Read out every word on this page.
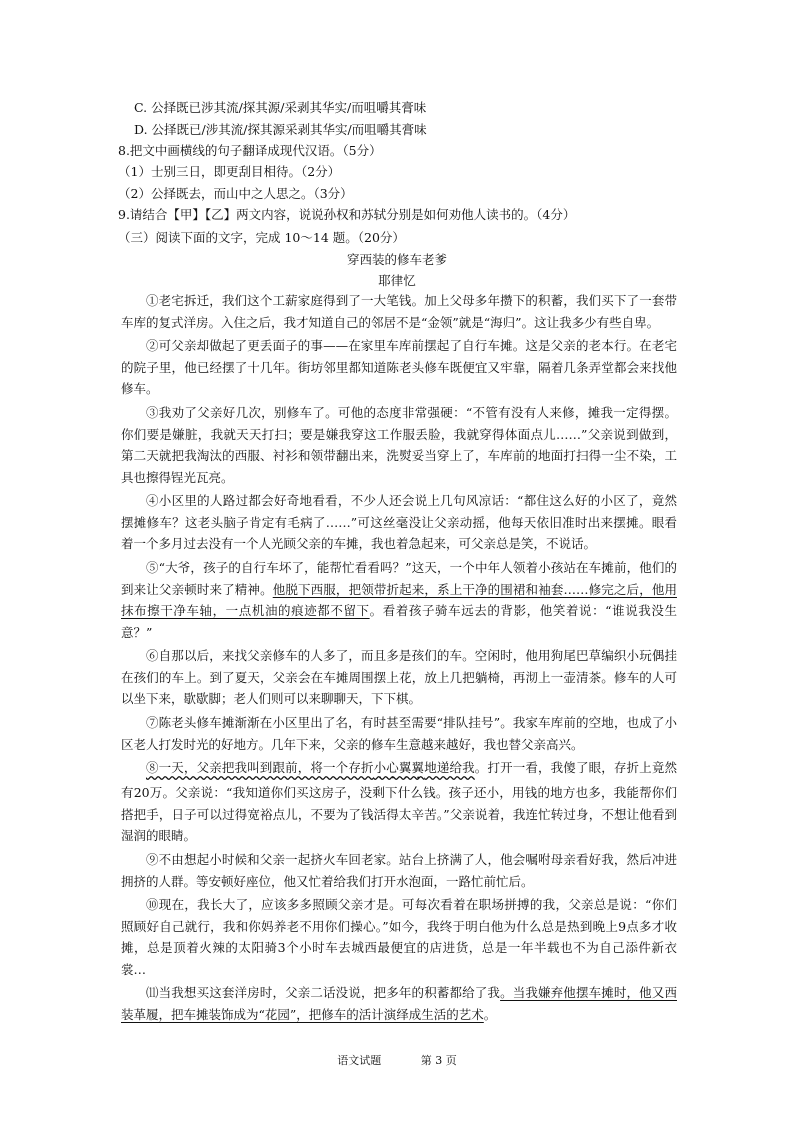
C. 公择既已涉其流/探其源/采剥其华实/而咀嚼其膏味
D. 公择既已/涉其流/探其源采剥其华实/而咀嚼其膏味
8.把文中画横线的句子翻译成现代汉语。（5分）
（1）士别三日，即更刮目相待。（2分）
（2）公择既去，而山中之人思之。（3分）
9.请结合【甲】【乙】两文内容，说说孙权和苏轼分别是如何劝他人读书的。（4分）
（三）阅读下面的文字，完成 10～14 题。（20分）
穿西装的修车老爹
耶律忆
①老宅拆迁，我们这个工薪家庭得到了一大笔钱。加上父母多年攒下的积蓄，我们买下了一套带车库的复式洋房。入住之后，我才知道自己的邻居不是“金领”就是“海归”。这让我多少有些自卑。
②可父亲却做起了更丢面子的事——在家里车库前摆起了自行车摊。这是父亲的老本行。在老宅的院子里，他已经摆了十几年。街坊邻里都知道陈老头修车既便宜又牢靠，隔着几条弄堂都会来找他修车。
③我劝了父亲好几次，别修车了。可他的态度非常强硬：“不管有没有人来修，摊我一定得摆。你们要是嫌脏，我就天天打扫；要是嫌我穿这工作服丢脸，我就穿得体面点儿……”父亲说到做到，第二天就把我淘汰的西服、衬衫和领带翻出来，洗熨妥当穿上了，车库前的地面打扫得一尘不染，工具也擦得锃光瓦亮。
④小区里的人路过都会好奇地看看，不少人还会说上几句风凉话：“都住这么好的小区了，竟然摆摊修车？这老头脑子肯定有毛病了……”可这丝毫没让父亲动摇，他每天依旧准时出来摆摊。眼看着一个多月过去没有一个人光顾父亲的车摊，我也着急起来，可父亲总是笑，不说话。
⑤“大爷，孩子的自行车坏了，能帮忙看看吗？”这天，一个中年人领着小孩站在车摊前，他们的到来让父亲顿时来了精神。他脱下西服，把领带折起来，系上干净的围裙和袖套……修完之后，他用抹布擦干净车轴，一点机油的痕迹都不留下。看着孩子骑车远去的背影，他笑着说：“谁说我没生意？”
⑥自那以后，来找父亲修车的人多了，而且多是孩们的车。空闲时，他用狗尾巴草编织小玩偶挂在孩们的车上。到了夏天，父亲会在车摊周围摆上花，放上几把躺椅，再沏上一壶清茶。修车的人可以坐下来，歇歇脚；老人们则可以来聊聊天，下下棋。
⑦陈老头修车摊渐渐在小区里出了名，有时甚至需要“排队挂号”。我家车库前的空地，也成了小区老人打发时光的好地方。几年下来，父亲的修车生意越来越好，我也替父亲高兴。
⑧一天，父亲把我叫到跟前，将一个存折小心翼翼地递给我。打开一看，我傻了眼，存折上竟然有20万。父亲说：“我知道你们买这房子，没剩下什么钱。孩子还小，用钱的地方也多，我能帮你们搭把手，日子可以过得宽裕点儿，不要为了钱活得太辛苦。”父亲说着，我连忙转过身，不想让他看到湿润的眼睛。
⑨不由想起小时候和父亲一起挤火车回老家。站台上挤满了人，他会嘱咐母亲看好我，然后冲进拥挤的人群。等安顿好座位，他又忙着给我们打开水泡面，一路忙前忙后。
⑩现在，我长大了，应该多多照顾父亲才是。可每次看着在职场拼搏的我，父亲总是说：“你们照顾好自己就行，我和你妈养老不用你们操心。”如今，我终于明白他为什么总是热到晚上9点多才收摊，总是顶着火辣的太阳骑3个小时车去城西最便宜的店进货，总是一年半载也不为自己添件新衣裳…
⑾当我想买这套洋房时，父亲二话没说，把多年的积蓄都给了我。当我嫌弃他摆车摊时，他又西装革履，把车摊装饰成为“花园”，把修车的活计演绎成生活的艺术。
语文试题	第 3 页
